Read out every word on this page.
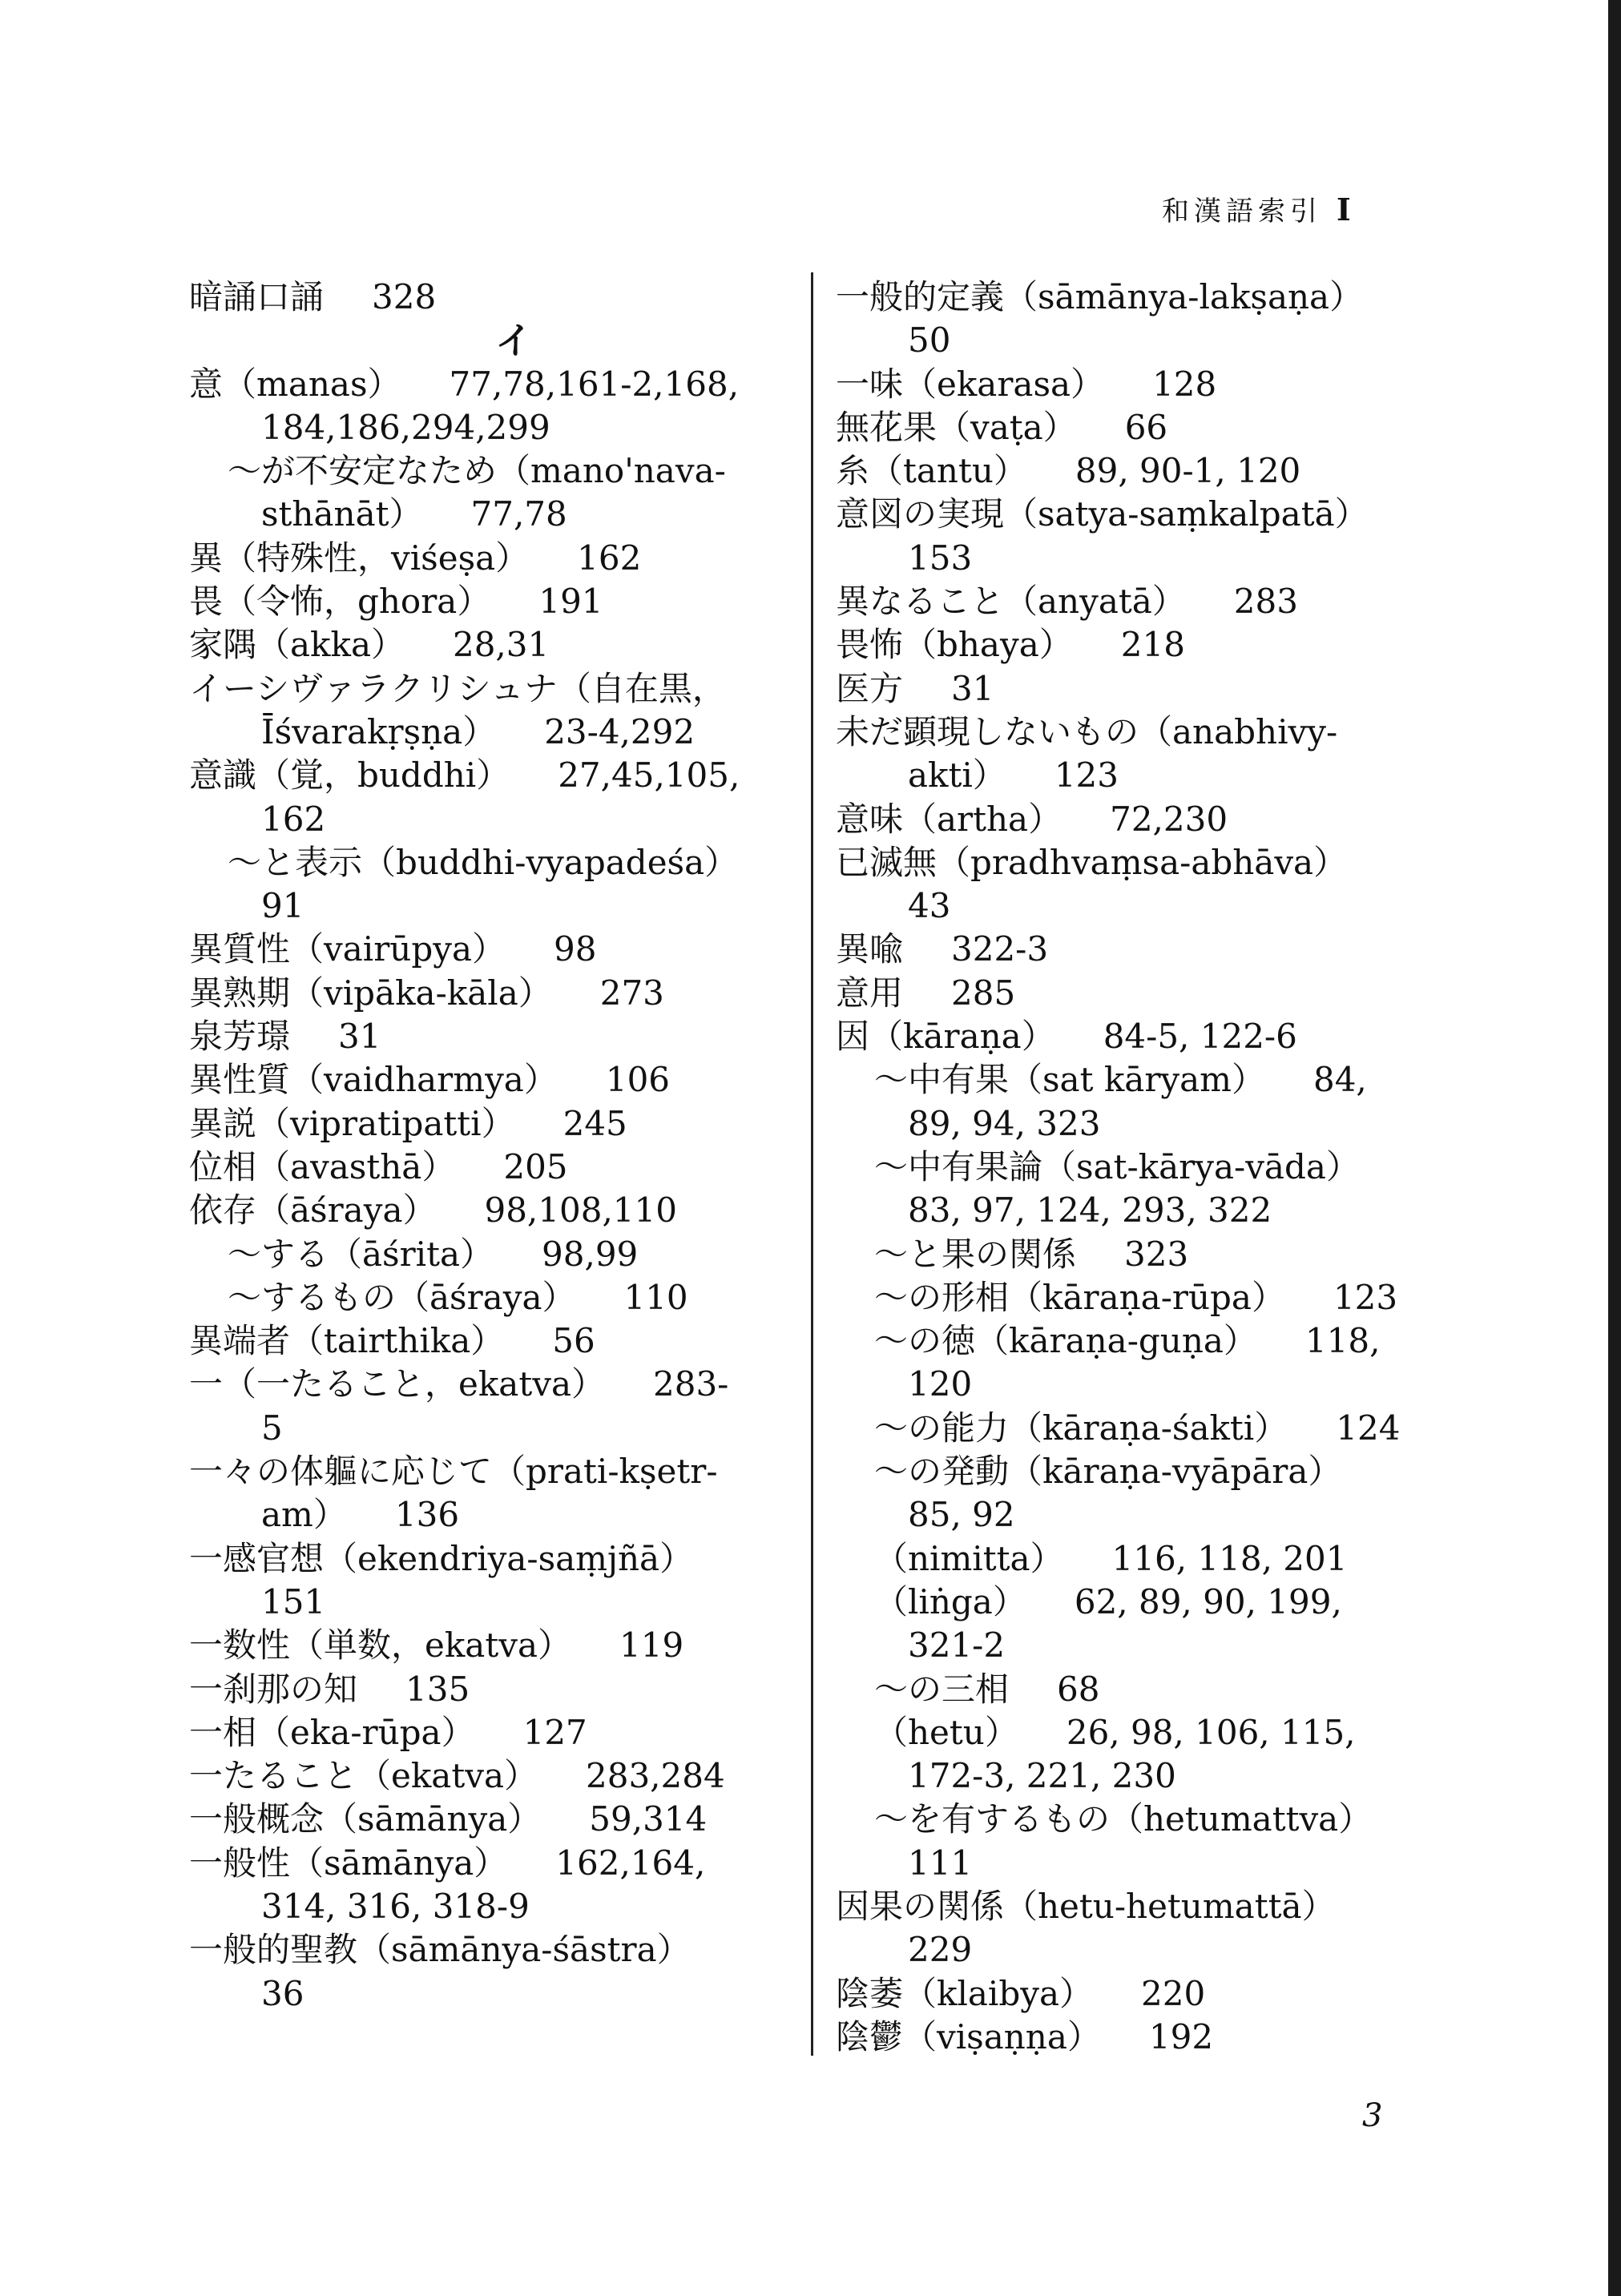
和漢語索引 I
暗誦口誦 328
イ
意（manas） 77,78,161-2,168,
184,186,294,299
～が不安定なため（mano'nava-
sthānāt） 77,78
異（特殊性，viśeṣa） 162
畏（令怖，ghora） 191
家隅（akka） 28,31
イーシヴァラクリシュナ（自在黒，
Īśvarakṛṣṇa） 23-4,292
意識（覚，buddhi） 27,45,105,
162
～と表示（buddhi-vyapadeśa）
91
異質性（vairūpya） 98
異熟期（vipāka-kāla） 273
泉芳璟 31
異性質（vaidharmya） 106
異説（vipratipatti） 245
位相（avasthā） 205
依存（āśraya） 98,108,110
～する（āśrita） 98,99
～するもの（āśraya） 110
異端者（tairthika） 56
一（一たること，ekatva） 283-
5
一々の体軀に応じて（prati-kṣetr-
am） 136
一感官想（ekendriya-saṃjñā）
151
一数性（単数，ekatva） 119
一刹那の知 135
一相（eka-rūpa） 127
一たること（ekatva） 283,284
一般概念（sāmānya） 59,314
一般性（sāmānya） 162,164,
314, 316, 318-9
一般的聖教（sāmānya-śāstra）
36
一般的定義（sāmānya-lakṣaṇa）
50
一味（ekarasa） 128
無花果（vaṭa） 66
糸（tantu） 89, 90-1, 120
意図の実現（satya-saṃkalpatā）
153
異なること（anyatā） 283
畏怖（bhaya） 218
医方 31
未だ顕現しないもの（anabhivy-
akti） 123
意味（artha） 72,230
已滅無（pradhvaṃsa-abhāva）
43
異喩 322-3
意用 285
因（kāraṇa） 84-5, 122-6
～中有果（sat kāryam） 84,
89, 94, 323
～中有果論（sat-kārya-vāda）
83, 97, 124, 293, 322
～と果の関係 323
～の形相（kāraṇa-rūpa） 123
～の徳（kāraṇa-guṇa） 118,
120
～の能力（kāraṇa-śakti） 124
～の発動（kāraṇa-vyāpāra）
85, 92
（nimitta） 116, 118, 201
（liṅga） 62, 89, 90, 199,
321-2
～の三相 68
（hetu） 26, 98, 106, 115,
172-3, 221, 230
～を有するもの（hetumattva）
111
因果の関係（hetu-hetumattā）
229
陰萎（klaibya） 220
陰鬱（viṣaṇṇa） 192
3
